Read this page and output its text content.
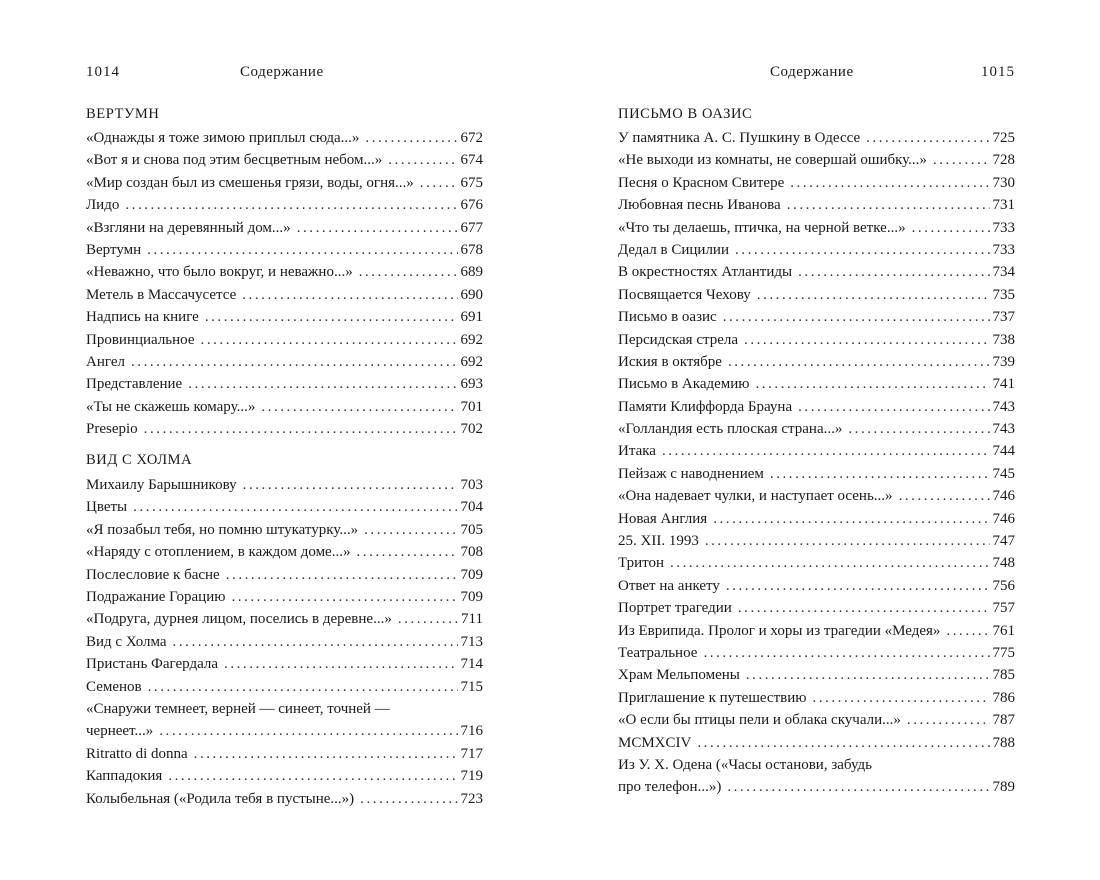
1014	Содержание
ВЕРТУМН
«Однажды я тоже зимою приплыл сюда...» . . .	672
«Вот я и снова под этим бесцветным небом...» . . .	674
«Мир создан был из смешенья грязи, воды, огня...» . . .	675
Лидо . . .	676
«Взгляни на деревянный дом...» . . .	677
Вертумн . . .	678
«Неважно, что было вокруг, и неважно...» . . .	689
Метель в Массачусетсе . . .	690
Надпись на книге . . .	691
Провинциальное . . .	692
Ангел . . .	692
Представление . . .	693
«Ты не скажешь комару...» . . .	701
Presepio . . .	702
ВИД С ХОЛМА
Михаилу Барышникову . . .	703
Цветы . . .	704
«Я позабыл тебя, но помню штукатурку...» . . .	705
«Наряду с отоплением, в каждом доме...» . . .	708
Послесловие к басне . . .	709
Подражание Горацию . . .	709
«Подруга, дурнея лицом, поселись в деревне...» . . .	711
Вид с Холма . . .	713
Пристань Фагердала . . .	714
Семенов . . .	715
«Снаружи темнеет, верней — синеет, точней —
чернеет...» . . .	716
Ritratto di donna . . .	717
Каппадокия . . .	719
Колыбельная («Родила тебя в пустыне...») . . .	723
Содержание	1015
ПИСЬМО В ОАЗИС
У памятника А. С. Пушкину в Одессе . . .	725
«Не выходи из комнаты, не совершай ошибку...» . . .	728
Песня о Красном Свитере . . .	730
Любовная песнь Иванова . . .	731
«Что ты делаешь, птичка, на черной ветке...» . . .	733
Дедал в Сицилии . . .	733
В окрестностях Атлантиды . . .	734
Посвящается Чехову . . .	735
Письмо в оазис . . .	737
Персидская стрела . . .	738
Иския в октябре . . .	739
Письмо в Академию . . .	741
Памяти Клиффорда Брауна . . .	743
«Голландия есть плоская страна...» . . .	743
Итака . . .	744
Пейзаж с наводнением . . .	745
«Она надевает чулки, и наступает осень...» . . .	746
Новая Англия . . .	746
25. XII. 1993 . . .	747
Тритон . . .	748
Ответ на анкету . . .	756
Портрет трагедии . . .	757
Из Еврипида. Пролог и хоры из трагедии «Медея» . . .	761
Театральное . . .	775
Храм Мельпомены . . .	785
Приглашение к путешествию . . .	786
«О если бы птицы пели и облака скучали...» . . .	787
MCMXCIV . . .	788
Из У. Х. Одена («Часы останови, забудь
про телефон...») . . .	789
